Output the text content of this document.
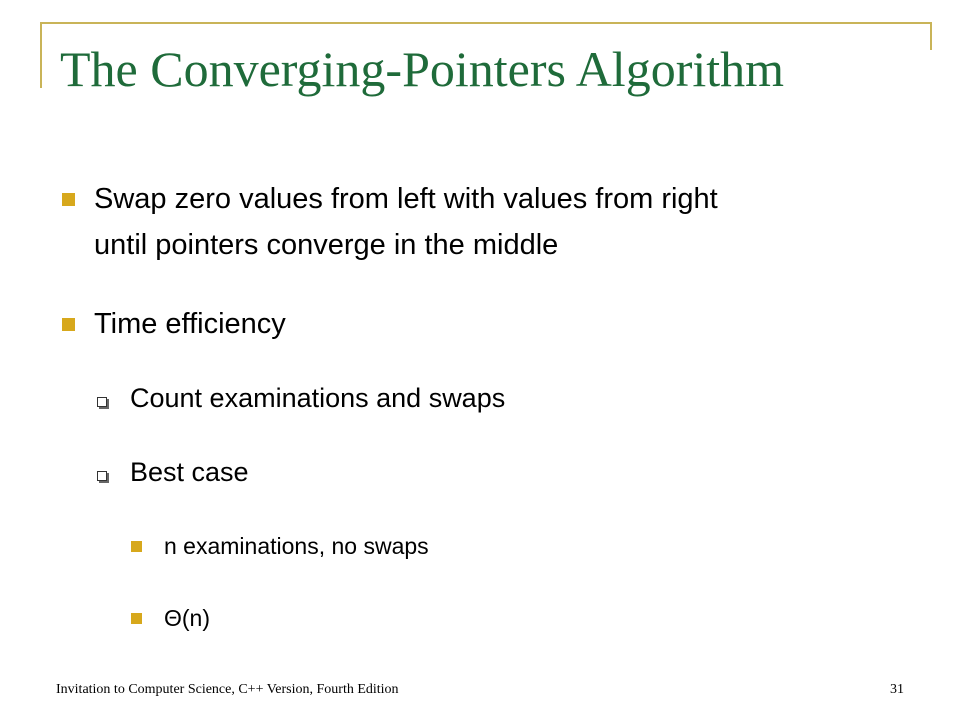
The Converging-Pointers Algorithm
Swap zero values from left with values from right
until pointers converge in the middle
Time efficiency
Count examinations and swaps
Best case
n examinations, no swaps
Θ(n)
Invitation to Computer Science, C++ Version, Fourth Edition	31
